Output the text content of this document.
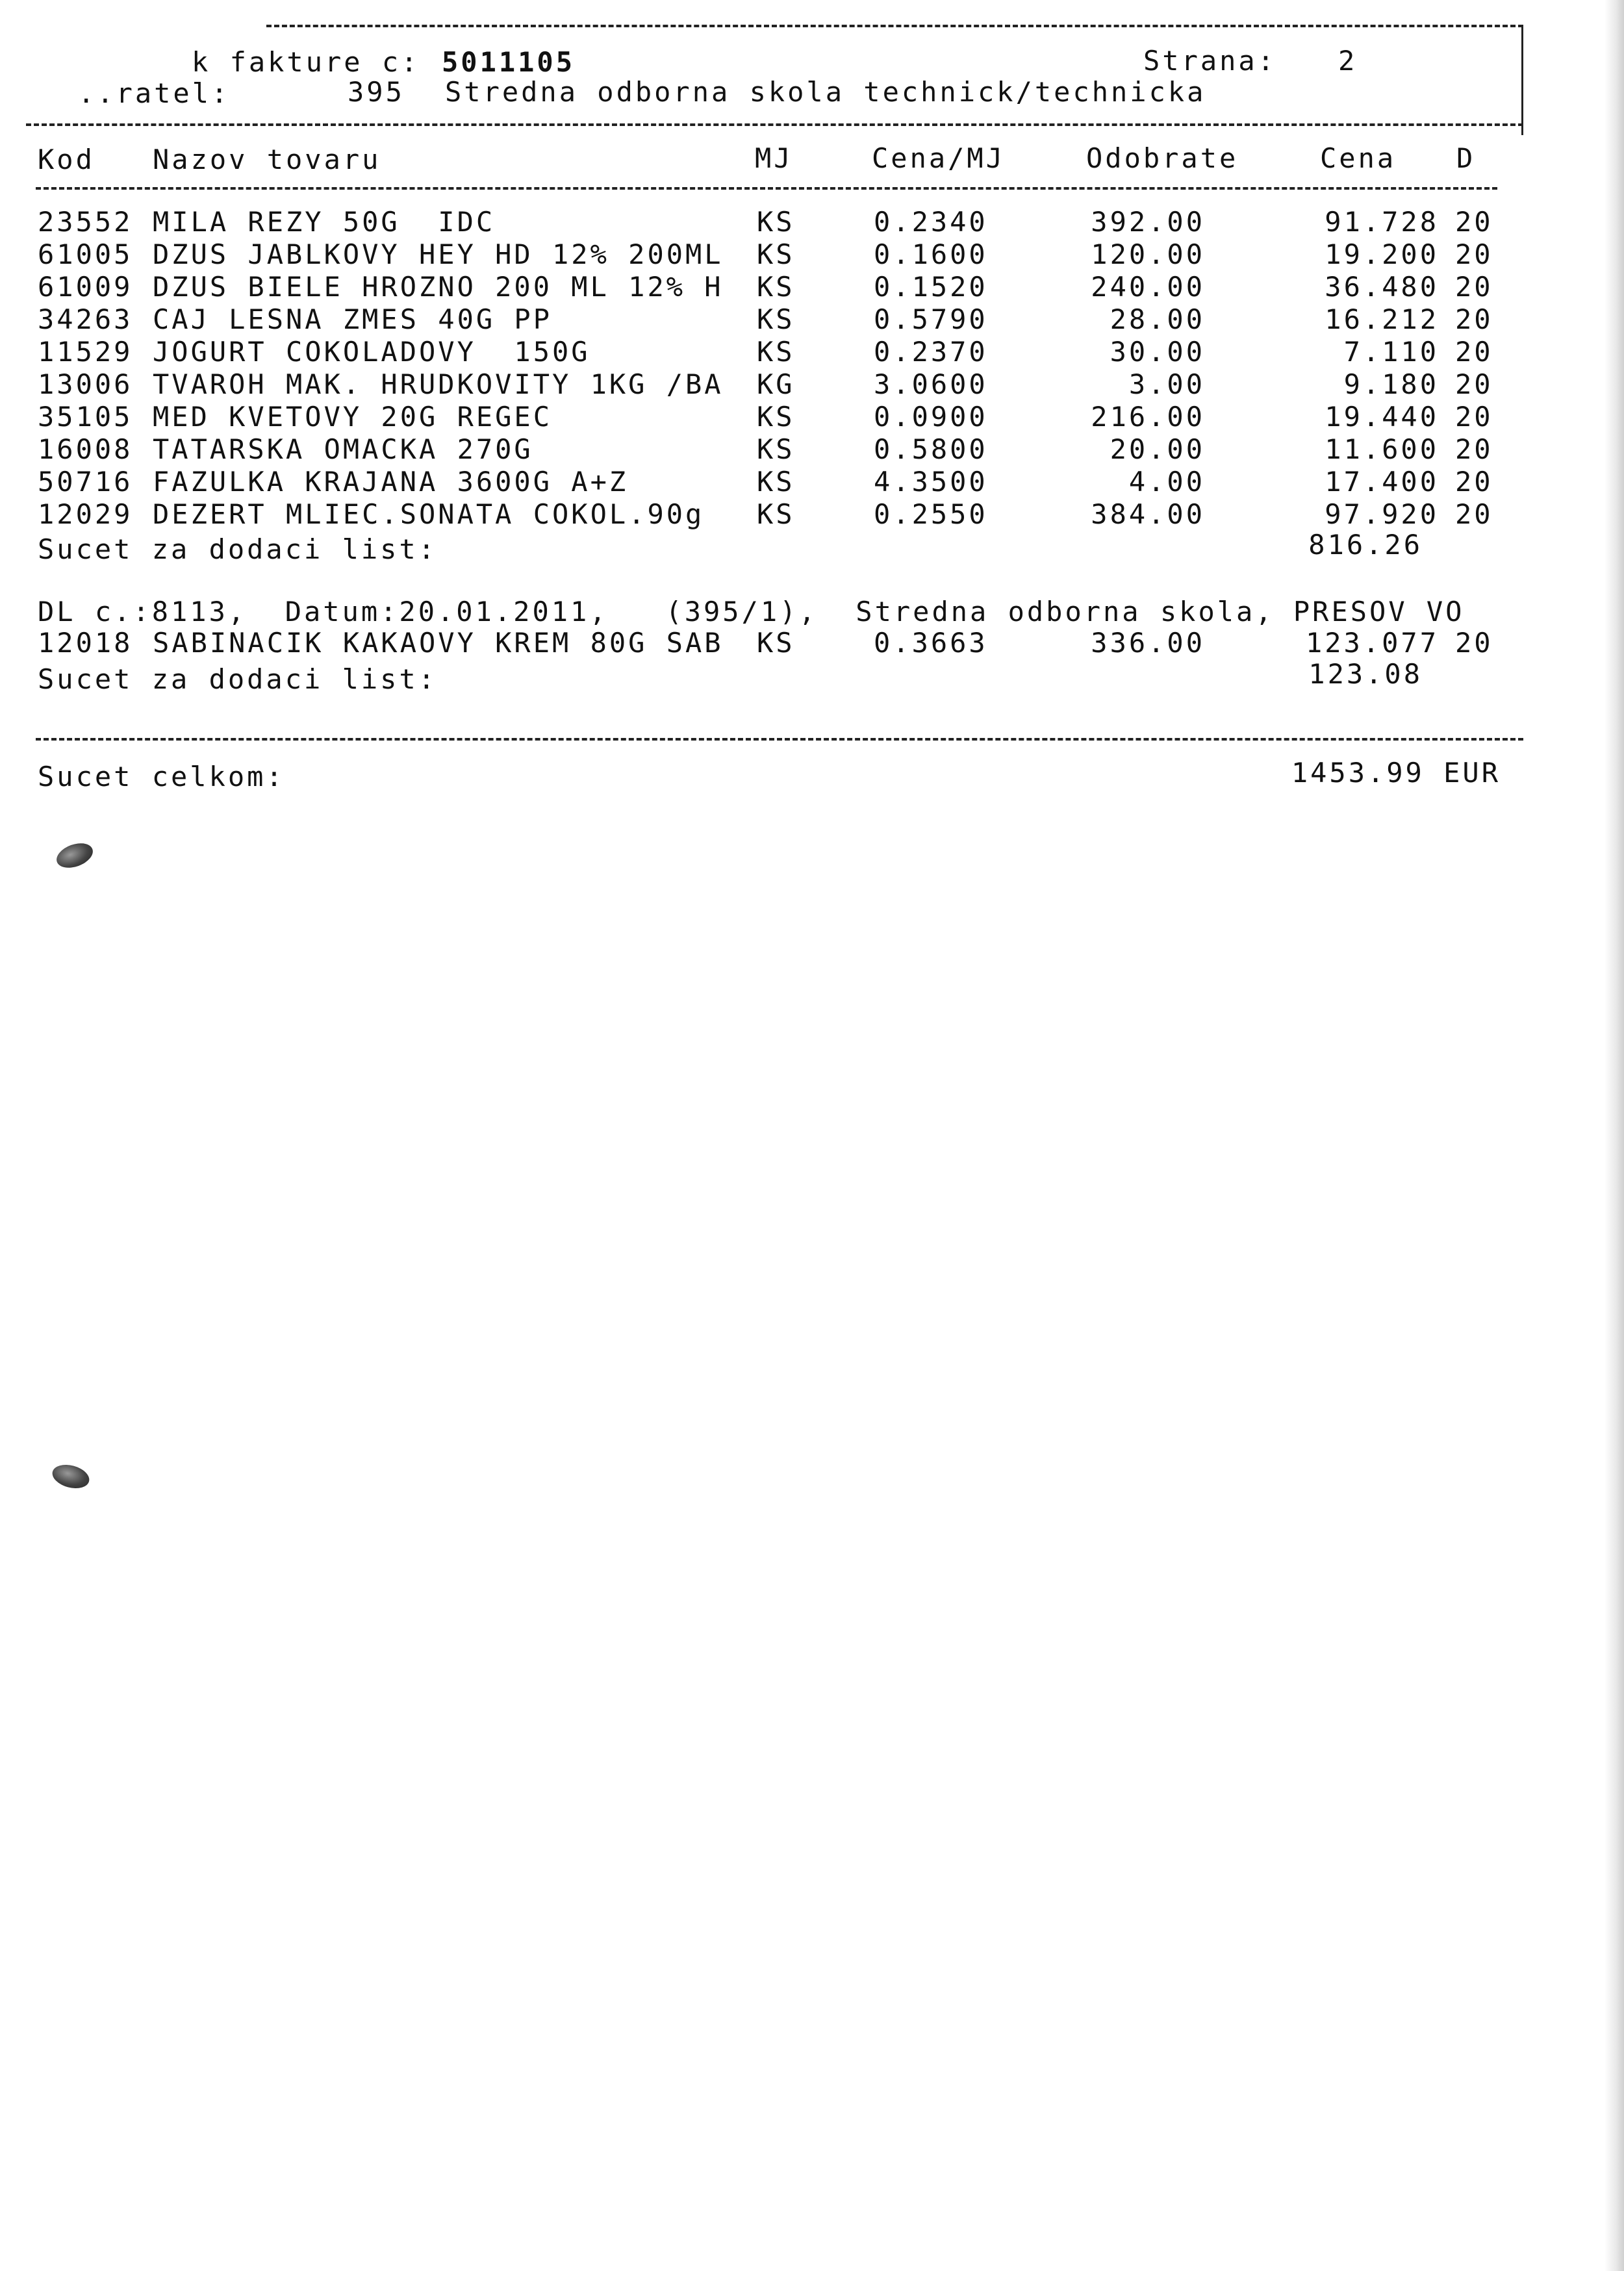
k fakture c: 5011105	Strana: 2
..ratel:	395 Stredna odborna skola technick/technicka
Kod Nazov tovaru	MJ	Cena/MJ	Odobrate	Cena D
23552 MILA REZY 50G  IDC	KS	0.2340	392.00	91.728 20
61005 DZUS JABLKOVY HEY HD 12% 200ML KS	0.1600	120.00	19.200 20
61009 DZUS BIELE HROZNO 200 ML 12% H KS	0.1520	240.00	36.480 20
34263 CAJ LESNA ZMES 40G PP	KS	0.5790	28.00	16.212 20
11529 JOGURT COKOLADOVY  150G	KS	0.2370	30.00	7.110 20
13006 TVAROH MAK. HRUDKOVITY 1KG /BA KG	3.0600	3.00	9.180 20
35105 MED KVETOVY 20G REGEC	KS	0.0900	216.00	19.440 20
16008 TATARSKA OMACKA 270G	KS	0.5800	20.00	11.600 20
50716 FAZULKA KRAJANA 3600G A+Z	KS	4.3500	4.00	17.400 20
12029 DEZERT MLIEC.SONATA COKOL.90g KS	0.2550	384.00	97.920 20
Sucet za dodaci list:	816.26
DL c.:8113,  Datum:20.01.2011,   (395/1),  Stredna odborna skola, PRESOV VO
12018 SABINACIK KAKAOVY KREM 80G SAB KS	0.3663	336.00	123.077 20
Sucet za dodaci list:	123.08
Sucet celkom:	1453.99 EUR
